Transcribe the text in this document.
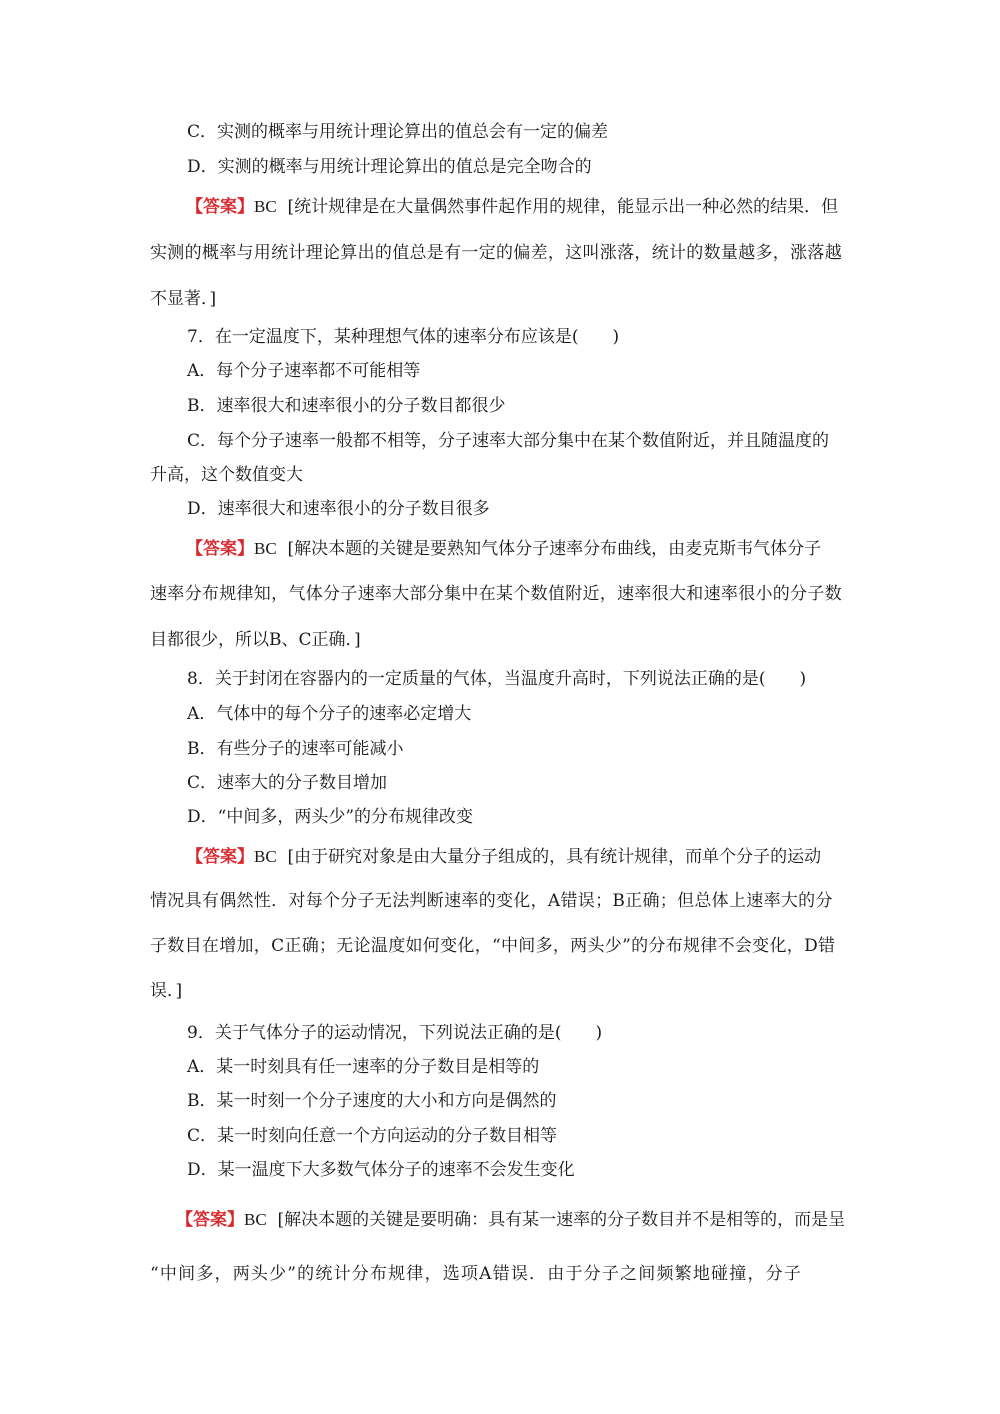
C．实测的概率与用统计理论算出的值总会有一定的偏差
D．实测的概率与用统计理论算出的值总是完全吻合的
【答案】BC [统计规律是在大量偶然事件起作用的规律，能显示出一种必然的结果．但
实测的概率与用统计理论算出的值总是有一定的偏差，这叫涨落，统计的数量越多，涨落越
不显著．]
7．在一定温度下，某种理想气体的速率分布应该是(　　)
A．每个分子速率都不可能相等
B．速率很大和速率很小的分子数目都很少
C．每个分子速率一般都不相等，分子速率大部分集中在某个数值附近，并且随温度的
升高，这个数值变大
D．速率很大和速率很小的分子数目很多
【答案】BC [解决本题的关键是要熟知气体分子速率分布曲线，由麦克斯韦气体分子
速率分布规律知，气体分子速率大部分集中在某个数值附近，速率很大和速率很小的分子数
目都很少，所以B、C正确．]
8．关于封闭在容器内的一定质量的气体，当温度升高时，下列说法正确的是(　　)
A．气体中的每个分子的速率必定增大
B．有些分子的速率可能减小
C．速率大的分子数目增加
D．“中间多，两头少”的分布规律改变
【答案】BC [由于研究对象是由大量分子组成的，具有统计规律，而单个分子的运动
情况具有偶然性．对每个分子无法判断速率的变化，A错误；B正确；但总体上速率大的分
子数目在增加，C正确；无论温度如何变化，“中间多，两头少”的分布规律不会变化，D错
误．]
9．关于气体分子的运动情况，下列说法正确的是(　　)
A．某一时刻具有任一速率的分子数目是相等的
B．某一时刻一个分子速度的大小和方向是偶然的
C．某一时刻向任意一个方向运动的分子数目相等
D．某一温度下大多数气体分子的速率不会发生变化
【答案】BC [解决本题的关键是要明确：具有某一速率的分子数目并不是相等的，而是呈
“中间多，两头少”的统计分布规律，选项A错误．由于分子之间频繁地碰撞，分子
